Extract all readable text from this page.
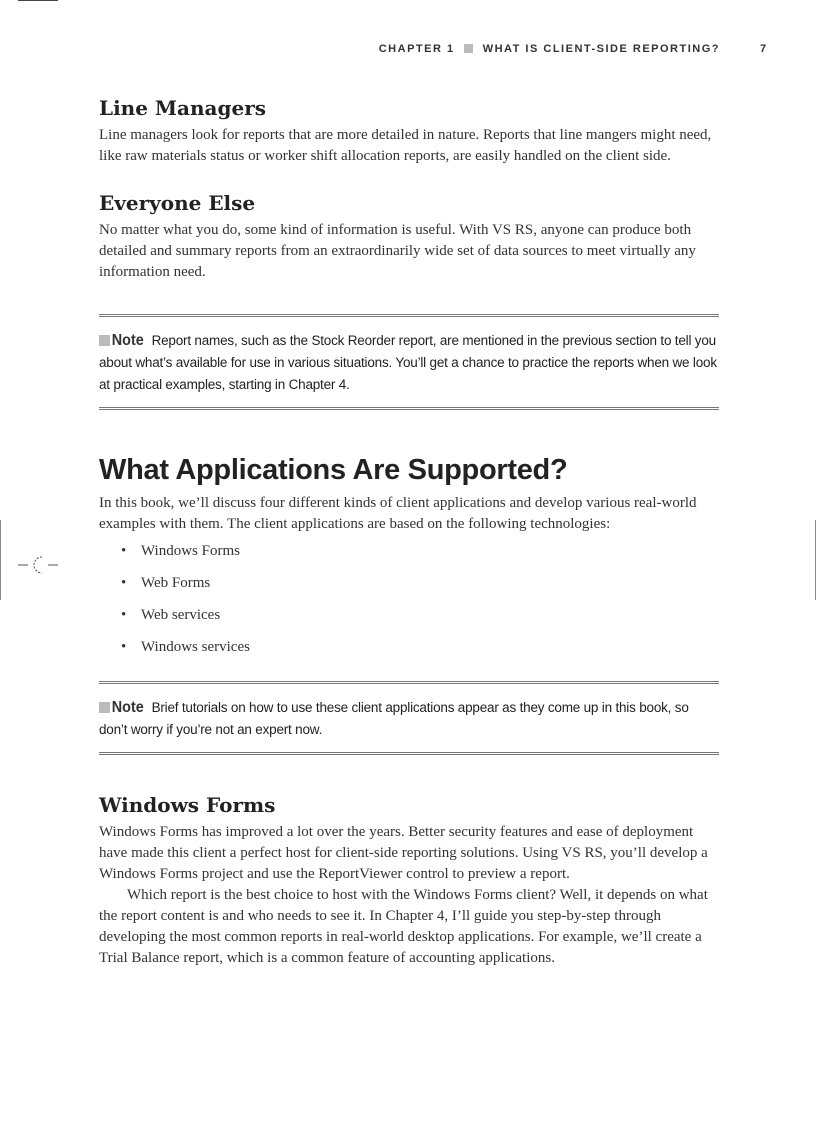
CHAPTER 1	WHAT IS CLIENT-SIDE REPORTING?	7
Line Managers

Line managers look for reports that are more detailed in nature. Reports that line mangers might need, like raw materials status or worker shift allocation reports, are easily handled on the client side.

Everyone Else

No matter what you do, some kind of information is useful. With VS RS, anyone can produce both detailed and summary reports from an extraordinarily wide set of data sources to meet virtually any information need.

Note Report names, such as the Stock Reorder report, are mentioned in the previous section to tell you about what’s available for use in various situations. You’ll get a chance to practice the reports when we look at practical examples, starting in Chapter 4.
What Applications Are Supported?

In this book, we’ll discuss four different kinds of client applications and develop various real-world examples with them. The client applications are based on the following technologies:

• Windows Forms
• Web Forms
• Web services
• Windows services
Note Brief tutorials on how to use these client applications appear as they come up in this book, so don’t worry if you’re not an expert now.
Windows Forms

Windows Forms has improved a lot over the years. Better security features and ease of deployment have made this client a perfect host for client-side reporting solutions. Using VS RS, you’ll develop a Windows Forms project and use the ReportViewer control to preview a report.

Which report is the best choice to host with the Windows Forms client? Well, it depends on what the report content is and who needs to see it. In Chapter 4, I’ll guide you step-by-step through developing the most common reports in real-world desktop applications. For example, we’ll create a Trial Balance report, which is a common feature of accounting applications.
